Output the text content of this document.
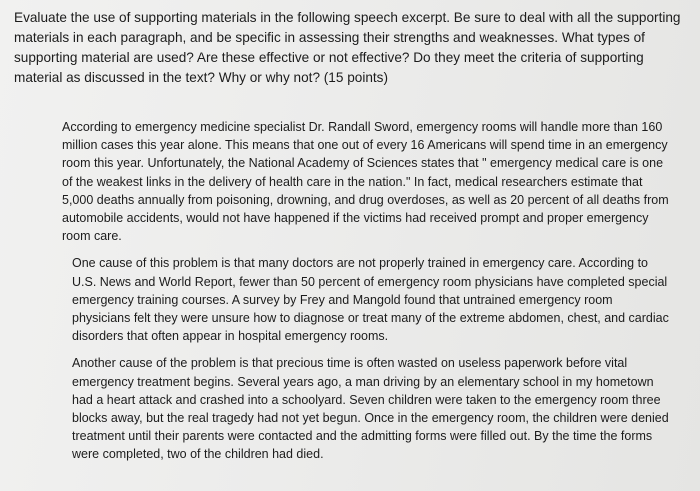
Evaluate the use of supporting materials in the following speech excerpt. Be sure to deal with all the supporting materials in each paragraph, and be specific in assessing their strengths and weaknesses. What types of supporting material are used? Are these effective or not effective? Do they meet the criteria of supporting material as discussed in the text? Why or why not? (15 points)

According to emergency medicine specialist Dr. Randall Sword, emergency rooms will handle more than 160 million cases this year alone. This means that one out of every 16 Americans will spend time in an emergency room this year. Unfortunately, the National Academy of Sciences states that " emergency medical care is one of the weakest links in the delivery of health care in the nation." In fact, medical researchers estimate that 5,000 deaths annually from poisoning, drowning, and drug overdoses, as well as 20 percent of all deaths from automobile accidents, would not have happened if the victims had received prompt and proper emergency room care.

One cause of this problem is that many doctors are not properly trained in emergency care. According to U.S. News and World Report, fewer than 50 percent of emergency room physicians have completed special emergency training courses. A survey by Frey and Mangold found that untrained emergency room physicians felt they were unsure how to diagnose or treat many of the extreme abdomen, chest, and cardiac disorders that often appear in hospital emergency rooms.

Another cause of the problem is that precious time is often wasted on useless paperwork before vital emergency treatment begins. Several years ago, a man driving by an elementary school in my hometown had a heart attack and crashed into a schoolyard. Seven children were taken to the emergency room three blocks away, but the real tragedy had not yet begun. Once in the emergency room, the children were denied treatment until their parents were contacted and the admitting forms were filled out. By the time the forms were completed, two of the children had died.
